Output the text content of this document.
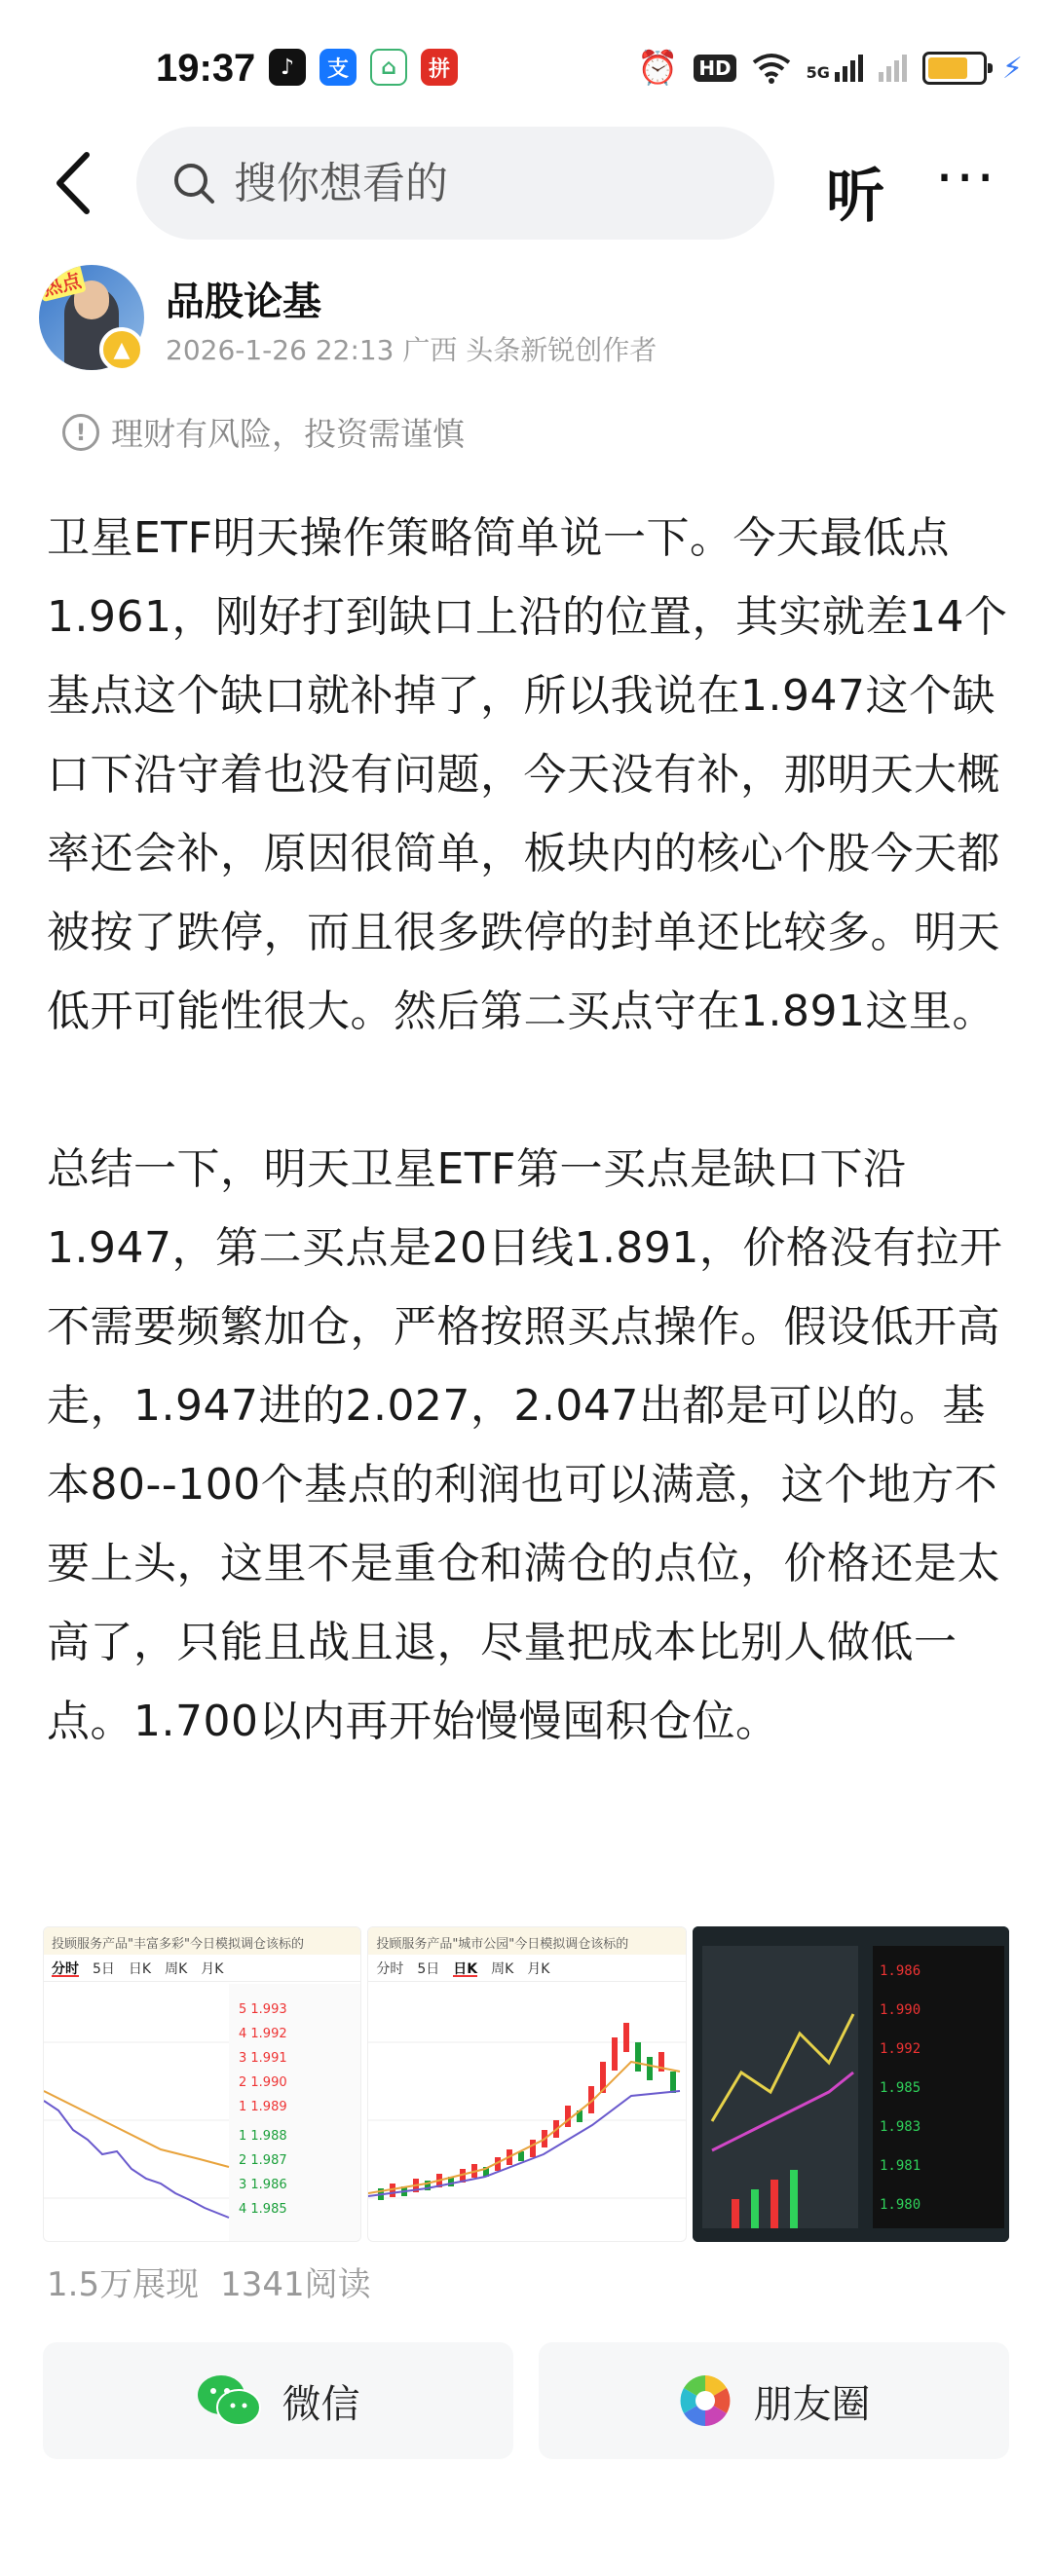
19:37	♪	支	⌂	拼	⏰ HD	5G	⚡
搜你想看的
听 ···
热点
▲
品股论基
2026-1-26 22:13 广西 头条新锐创作者
! 理财有风险，投资需谨慎

卫星ETF明天操作策略简单说一下。今天最低点1.961，刚好打到缺口上沿的位置，其实就差14个基点这个缺口就补掉了，所以我说在1.947这个缺口下沿守着也没有问题，今天没有补，那明天大概率还会补，原因很简单，板块内的核心个股今天都被按了跌停，而且很多跌停的封单还比较多。明天低开可能性很大。然后第二买点守在1.891这里。

总结一下，明天卫星ETF第一买点是缺口下沿1.947，第二买点是20日线1.891，价格没有拉开不需要频繁加仓，严格按照买点操作。假设低开高走，1.947进的2.027，2.047出都是可以的。基本80--100个基点的利润也可以满意，这个地方不要上头，这里不是重仓和满仓的点位，价格还是太高了，只能且战且退，尽量把成本比别人做低一点。1.700以内再开始慢慢囤积仓位。

投顾服务产品"丰富多彩"今日模拟调仓该标的
分时 5日 日K 周K 月K
5 1.993
4 1.992
3 1.991
2 1.990
1 1.989
1 1.988
2 1.987
3 1.986
4 1.985
投顾服务产品"城市公园"今日模拟调仓该标的
分时 5日 日K 周K 月K	1.986
1.990
1.992
1.985
1.983
1.981
1.980
1.5万展现 1341阅读
微信	朋友圈
